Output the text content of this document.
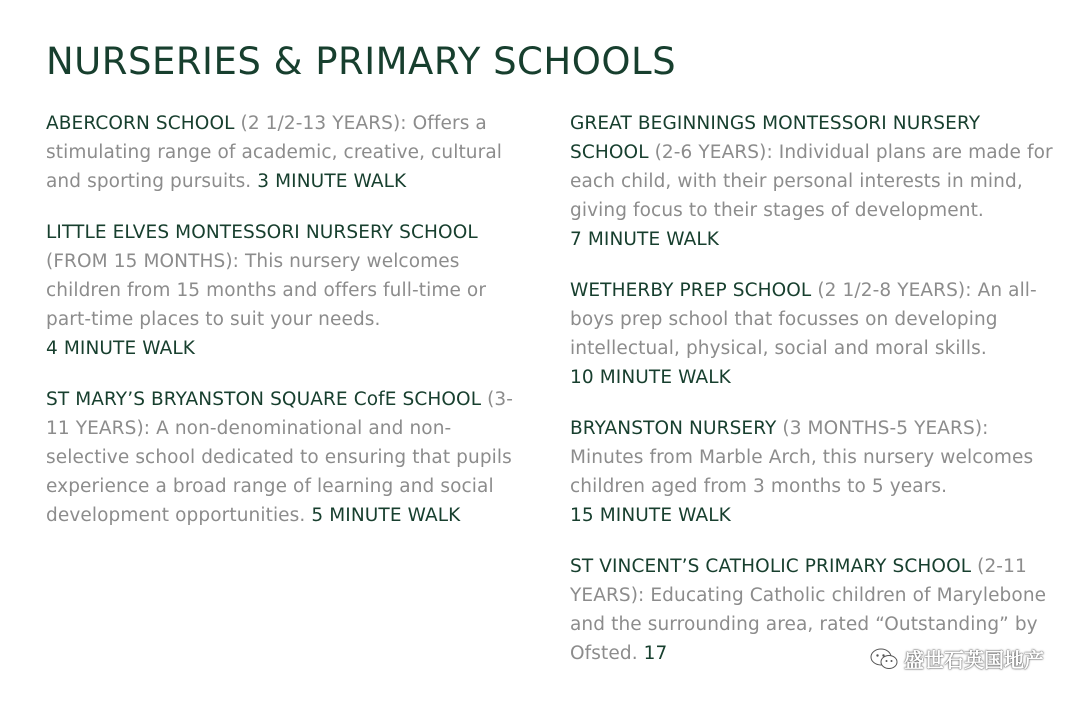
NURSERIES & PRIMARY SCHOOLS

ABERCORN SCHOOL (2 1/2-13 YEARS): Offers a stimulating range of academic, creative, cultural and sporting pursuits. 3 MINUTE WALK

LITTLE ELVES MONTESSORI NURSERY SCHOOL (FROM 15 MONTHS): This nursery welcomes children from 15 months and offers full-time or part-time places to suit your needs. 4 MINUTE WALK

ST MARY’S BRYANSTON SQUARE CofE SCHOOL (3-11 YEARS): A non-denominational and non-selective school dedicated to ensuring that pupils experience a broad range of learning and social development opportunities. 5 MINUTE WALK

GREAT BEGINNINGS MONTESSORI NURSERY SCHOOL (2-6 YEARS): Individual plans are made for each child, with their personal interests in mind, giving focus to their stages of development. 7 MINUTE WALK

WETHERBY PREP SCHOOL (2 1/2-8 YEARS): An all-boys prep school that focusses on developing intellectual, physical, social and moral skills. 10 MINUTE WALK

BRYANSTON NURSERY (3 MONTHS-5 YEARS): Minutes from Marble Arch, this nursery welcomes children aged from 3 months to 5 years. 15 MINUTE WALK

ST VINCENT’S CATHOLIC PRIMARY SCHOOL (2-11 YEARS): Educating Catholic children of Marylebone and the surrounding area, rated “Outstanding” by Ofsted. 17	盛世石英国地产
